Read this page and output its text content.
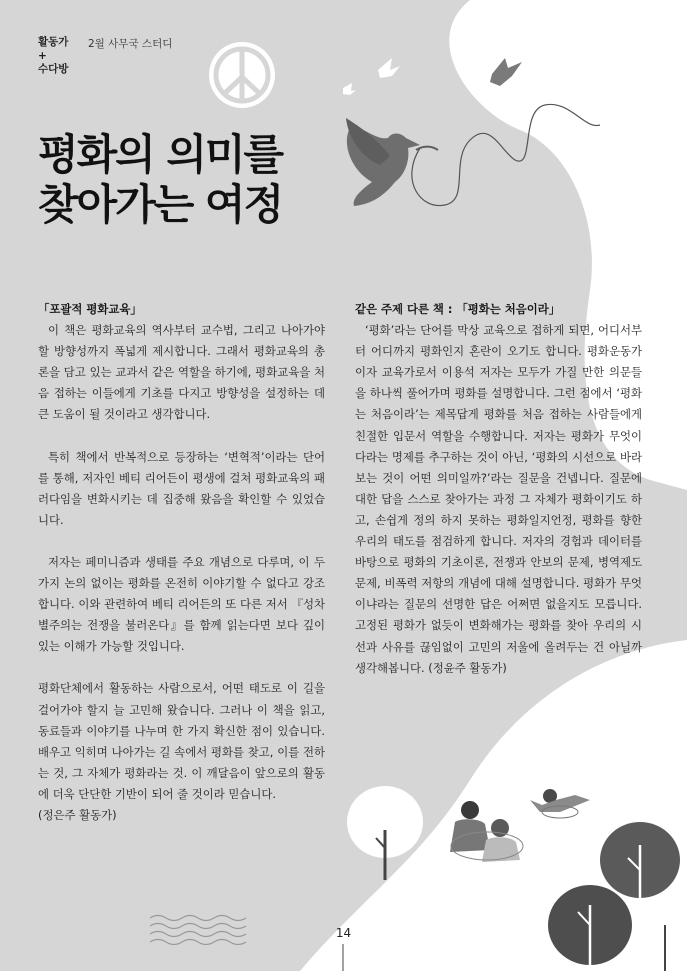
활동가
+
수다방
2월 사무국 스터디
평화의 의미를
찾아가는 여정

「포괄적 평화교육」

이 책은 평화교육의 역사부터 교수법, 그리고 나아가야 할 방향성까지 폭넓게 제시합니다. 그래서 평화교육의 총론을 담고 있는 교과서 같은 역할을 하기에, 평화교육을 처음 접하는 이들에게 기초를 다지고 방향성을 설정하는 데 큰 도움이 될 것이라고 생각합니다.

특히 책에서 반복적으로 등장하는 ‘변혁적’이라는 단어를 통해, 저자인 베티 리어든이 평생에 걸쳐 평화교육의 패러다임을 변화시키는 데 집중해 왔음을 확인할 수 있었습니다.

저자는 페미니즘과 생태를 주요 개념으로 다루며, 이 두 가지 논의 없이는 평화를 온전히 이야기할 수 없다고 강조합니다. 이와 관련하여 베티 리어든의 또 다른 저서 『성차별주의는 전쟁을 불러온다』를 함께 읽는다면 보다 깊이 있는 이해가 가능할 것입니다.

평화단체에서 활동하는 사람으로서, 어떤 태도로 이 길을 걸어가야 할지 늘 고민해 왔습니다. 그러나 이 책을 읽고, 동료들과 이야기를 나누며 한 가지 확신한 점이 있습니다. 배우고 익히며 나아가는 길 속에서 평화를 찾고, 이를 전하는 것, 그 자체가 평화라는 것. 이 깨달음이 앞으로의 활동에 더욱 단단한 기반이 되어 줄 것이라 믿습니다.

(정은주 활동가)

같은 주제 다른 책 : 「평화는 처음이라」

‘평화’라는 단어를 막상 교육으로 접하게 되면, 어디서부터 어디까지 평화인지 혼란이 오기도 합니다. 평화운동가이자 교육가로서 이용석 저자는 모두가 가질 만한 의문들을 하나씩 풀어가며 평화를 설명합니다. 그런 점에서 ‘평화는 처음이라’는 제목답게 평화를 처음 접하는 사람들에게 친절한 입문서 역할을 수행합니다. 저자는 평화가 무엇이다라는 명제를 추구하는 것이 아닌, ‘평화의 시선으로 바라보는 것이 어떤 의미일까?’라는 질문을 건넵니다. 질문에 대한 답을 스스로 찾아가는 과정 그 자체가 평화이기도 하고, 손쉽게 정의 하지 못하는 평화일지언정, 평화를 향한 우리의 태도를 점검하게 합니다. 저자의 경험과 데이터를 바탕으로 평화의 기초이론, 전쟁과 안보의 문제, 병역제도 문제, 비폭력 저항의 개념에 대해 설명합니다. 평화가 무엇이냐라는 질문의 선명한 답은 어쩌면 없을지도 모릅니다. 고정된 평화가 없듯이 변화해가는 평화를 찾아 우리의 시선과 사유를 끊임없이 고민의 저울에 올려두는 건 아닐까 생각해봅니다. (정윤주 활동가)

14
